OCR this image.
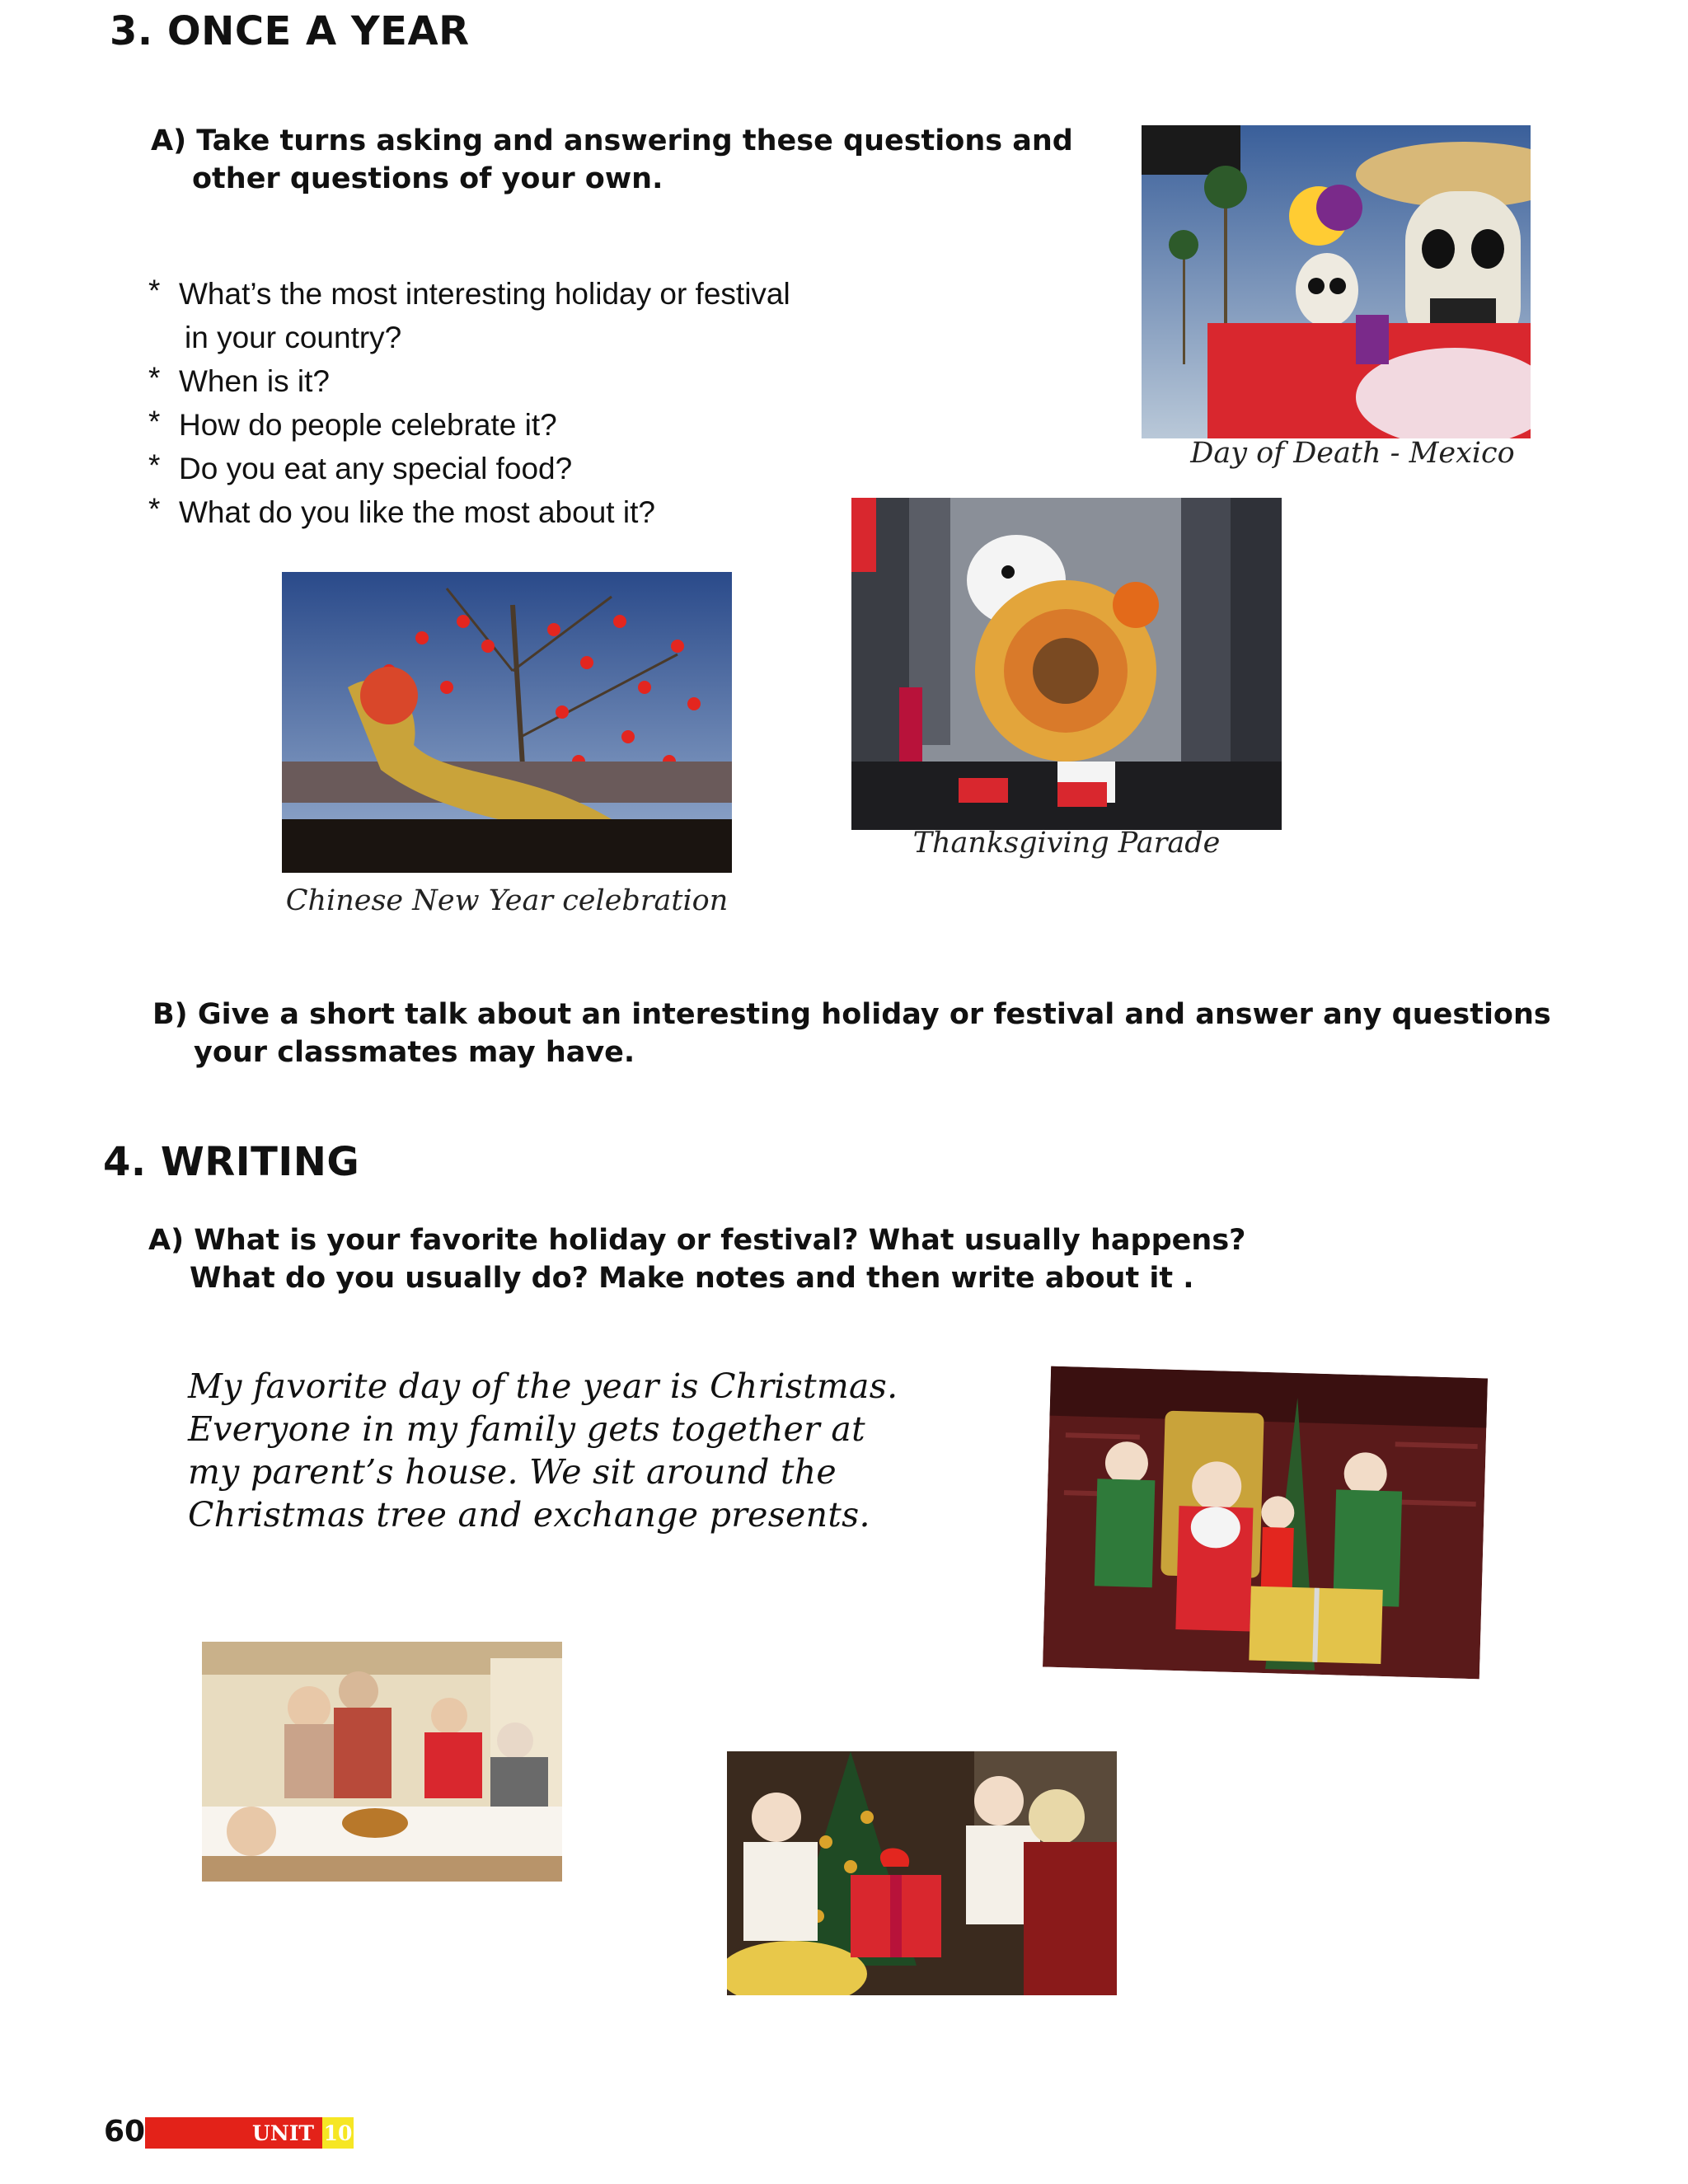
3. ONCE A YEAR
A) Take turns asking and answering these questions and
other questions of your own.
* What’s the most interesting holiday or festival
in your country?
* When is it?
* How do people celebrate it?
* Do you eat any special food?
* What do you like the most about it?
Day of Death - Mexico
Thanksgiving Parade
Chinese New Year celebration
B) Give a short talk about an interesting holiday or festival and answer any questions
your classmates may have.
4. WRITING
A) What is your favorite holiday or festival? What usually happens?
What do you usually do? Make notes and then write about it .
My favorite day of the year is Christmas.
Everyone in my family gets together at
my parent’s house. We sit around the
Christmas tree and exchange presents.
60	UNIT 10
